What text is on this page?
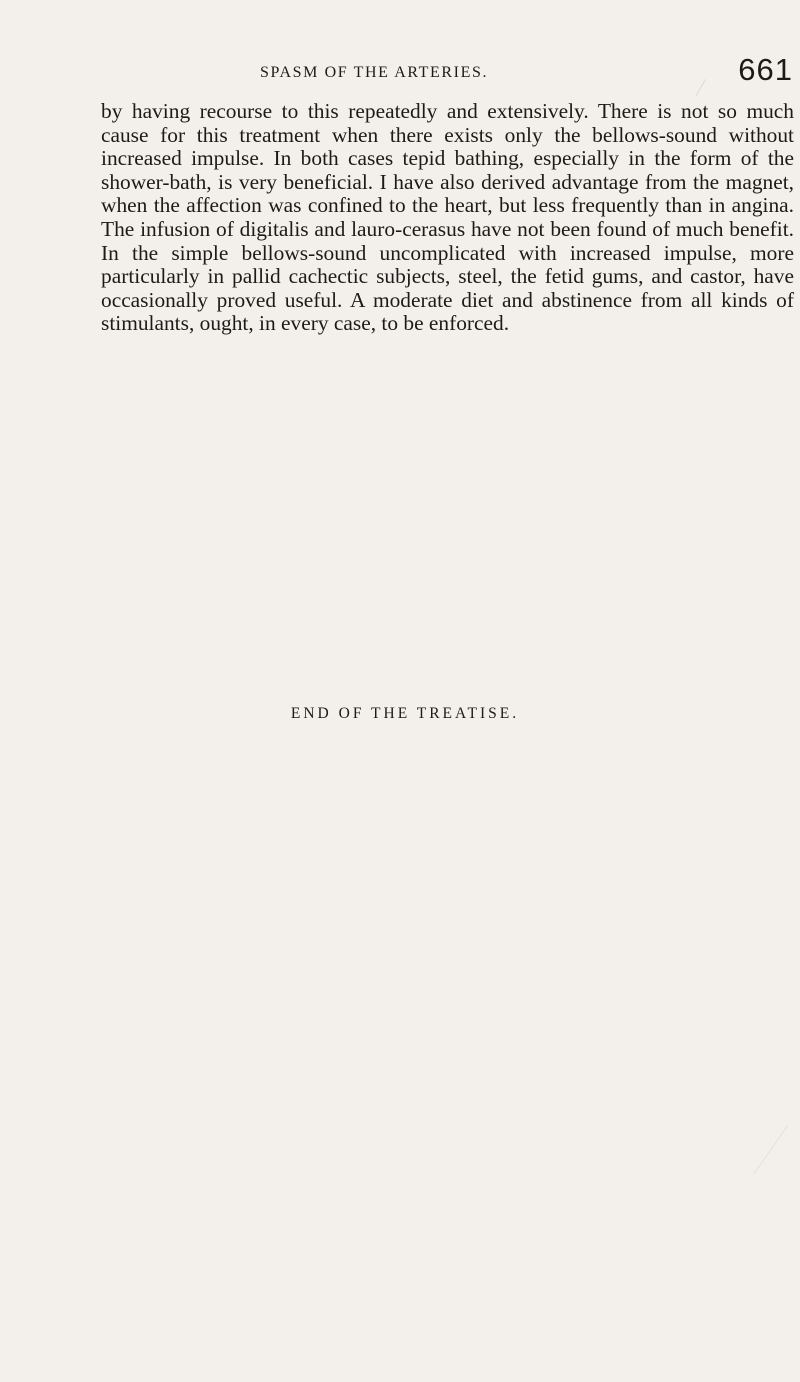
SPASM OF THE ARTERIES.	661

by having recourse to this repeatedly and extensively. There is not so much cause for this treatment when there exists only the bellows-sound without increased impulse. In both cases tepid bathing, especially in the form of the shower-bath, is very beneficial. I have also derived advantage from the magnet, when the affection was confined to the heart, but less frequently than in angina. The infusion of digitalis and lauro-cerasus have not been found of much benefit. In the simple bellows-sound uncomplicated with increased impulse, more particularly in pallid cachectic subjects, steel, the fetid gums, and castor, have occasionally proved useful. A moderate diet and abstinence from all kinds of stimulants, ought, in every case, to be enforced.

END OF THE TREATISE.
